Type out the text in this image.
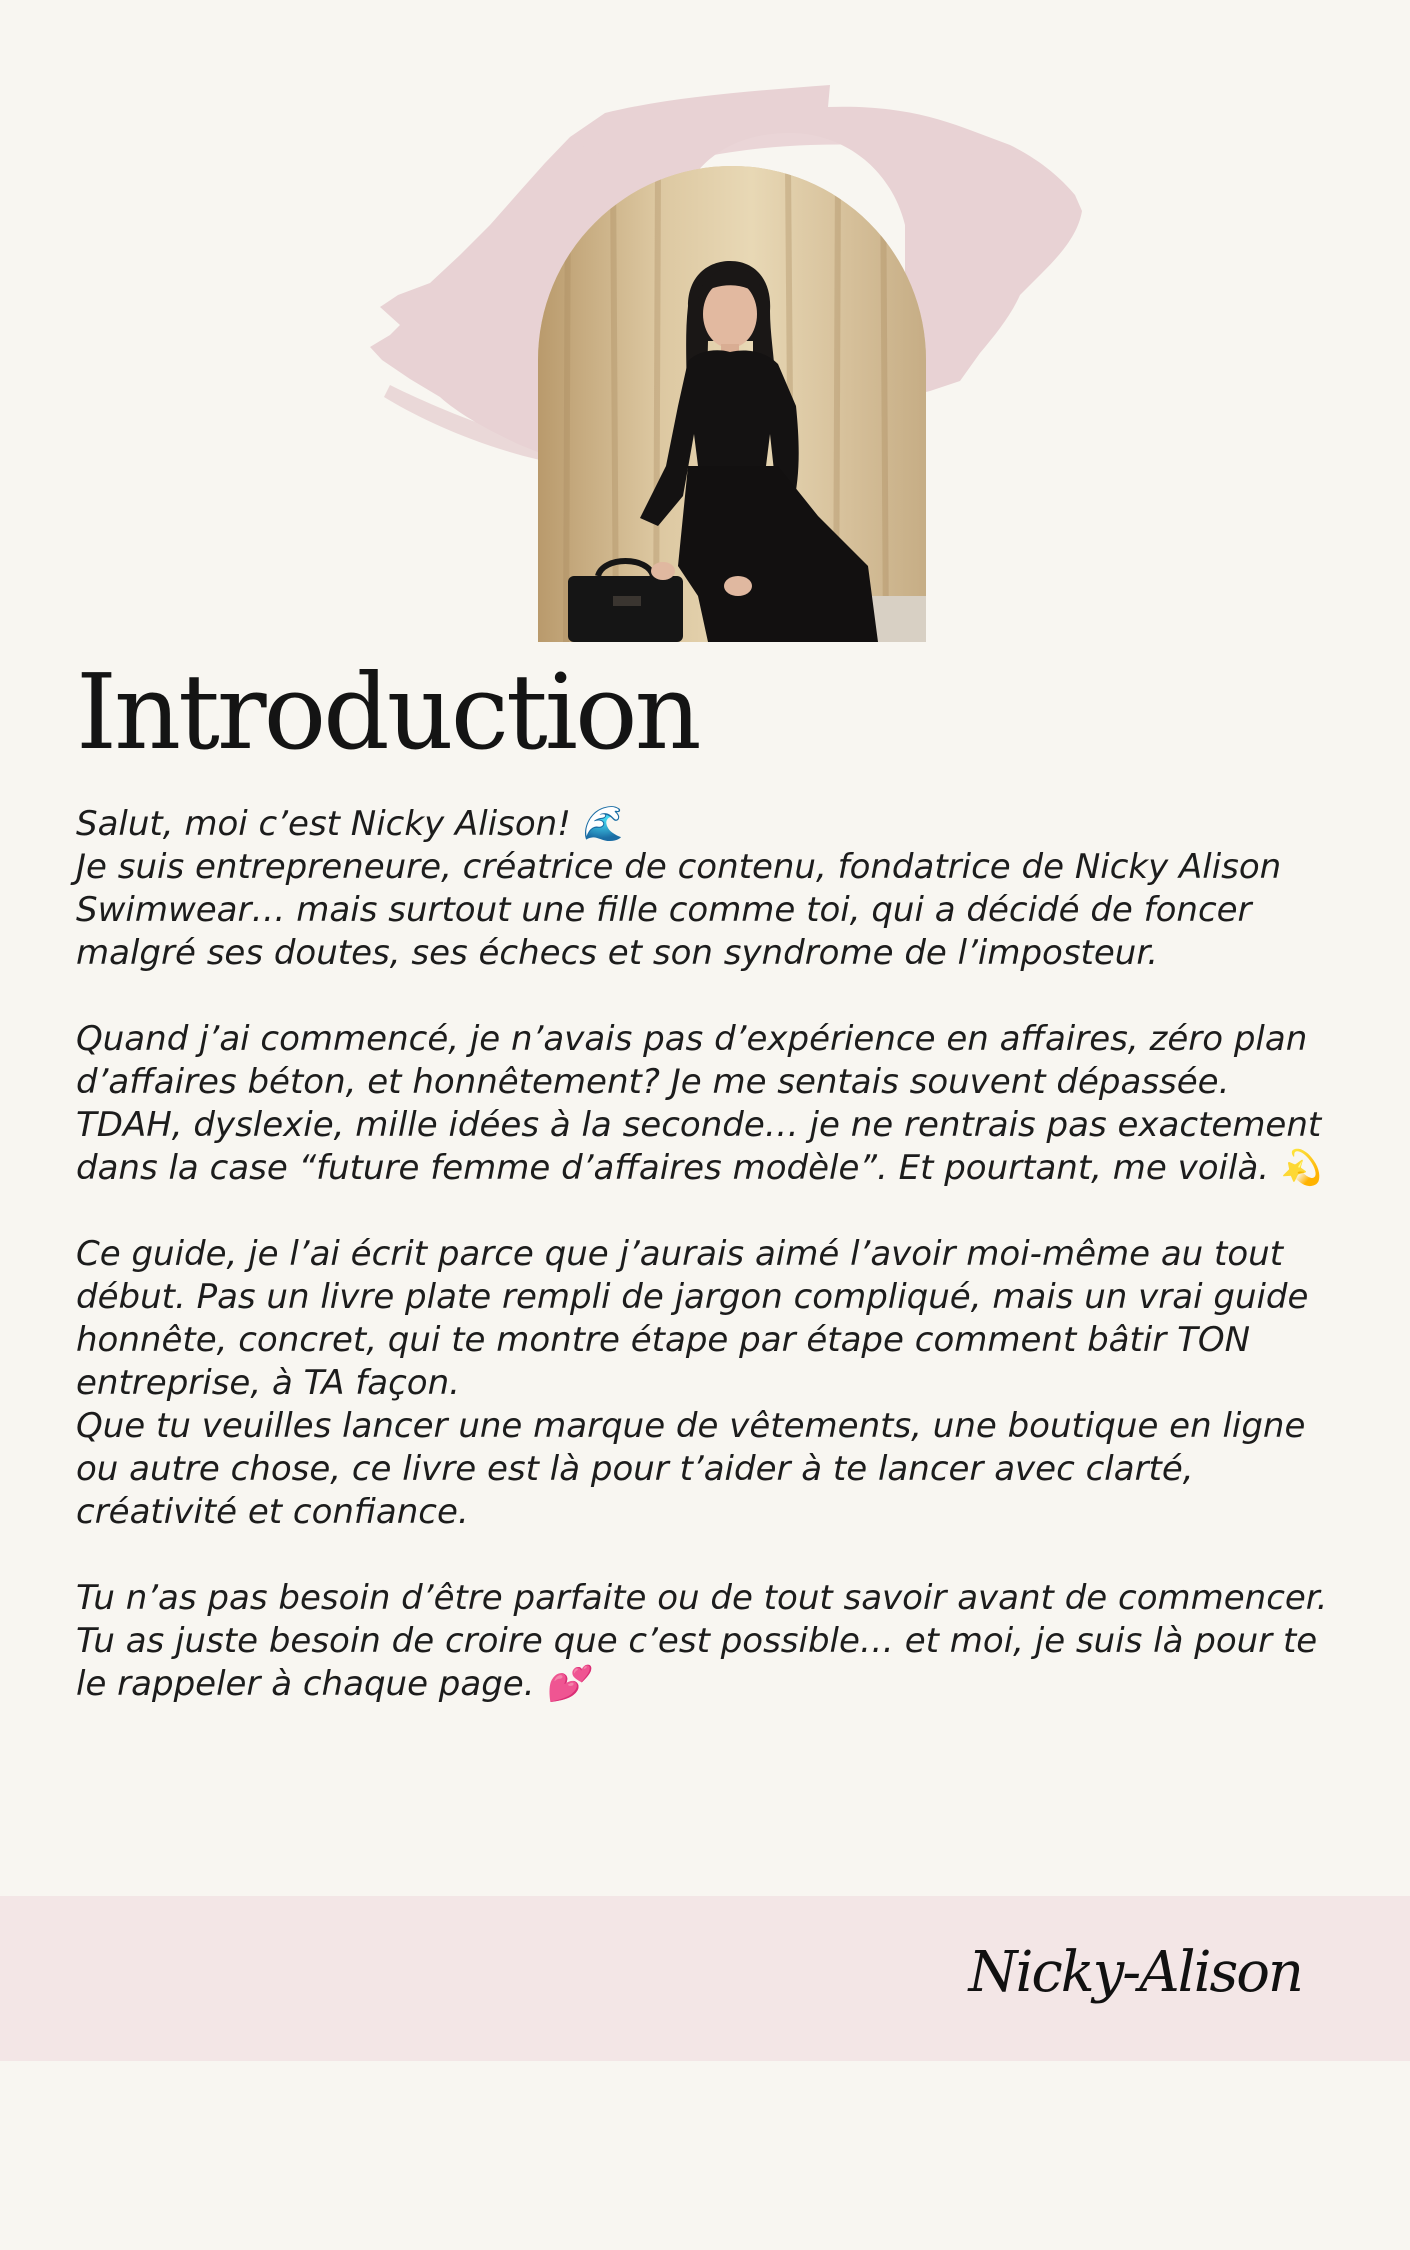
Introduction

Salut, moi c’est Nicky Alison! 🌊
Je suis entrepreneure, créatrice de contenu, fondatrice de Nicky Alison Swimwear… mais surtout une fille comme toi, qui a décidé de foncer malgré ses doutes, ses échecs et son syndrome de l’imposteur.

Quand j’ai commencé, je n’avais pas d’expérience en affaires, zéro plan d’affaires béton, et honnêtement? Je me sentais souvent dépassée. TDAH, dyslexie, mille idées à la seconde… je ne rentrais pas exactement dans la case “future femme d’affaires modèle”. Et pourtant, me voilà. 💫

Ce guide, je l’ai écrit parce que j’aurais aimé l’avoir moi-même au tout début. Pas un livre plate rempli de jargon compliqué, mais un vrai guide honnête, concret, qui te montre étape par étape comment bâtir TON entreprise, à TA façon.
Que tu veuilles lancer une marque de vêtements, une boutique en ligne ou autre chose, ce livre est là pour t’aider à te lancer avec clarté, créativité et confiance.

Tu n’as pas besoin d’être parfaite ou de tout savoir avant de commencer. Tu as juste besoin de croire que c’est possible… et moi, je suis là pour te le rappeler à chaque page. 💕

Nicky-Alison
